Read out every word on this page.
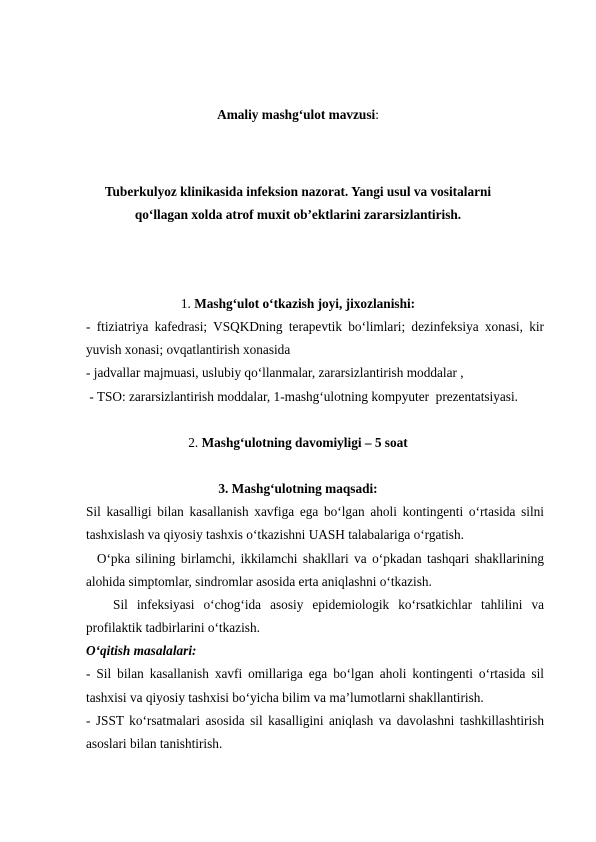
Amaliy mashg‘ulot mavzusi:
Tuberkulyoz klinikasida infeksion nazorat. Yangi usul va vositalarni
qo‘llagan xolda atrof muxit ob’ektlarini zararsizlantirish.
1. Mashg‘ulot o‘tkazish joyi, jixozlanishi:
- ftiziatriya kafedrasi; VSQKDning terapevtik bo‘limlari; dezinfeksiya xonasi, kir
yuvish xonasi; ovqatlantirish xonasida
- jadvallar majmuasi, uslubiy qo‘llanmalar, zararsizlantirish moddalar ,
- TSO: zararsizlantirish moddalar, 1-mashg‘ulotning kompyuter  prezentatsiyasi.
2. Mashg‘ulotning davomiyligi – 5 soat
3. Mashg‘ulotning maqsadi:
Sil kasalligi bilan kasallanish xavfiga ega bo‘lgan aholi kontingenti o‘rtasida silni
tashxislash va qiyosiy tashxis o‘tkazishni UASH talabalariga o‘rgatish.
O‘pka silining birlamchi, ikkilamchi shakllari va o‘pkadan tashqari shakllarining
alohida simptomlar, sindromlar asosida erta aniqlashni o‘tkazish.
Sil infeksiyasi o‘chog‘ida asosiy epidemiologik ko‘rsatkichlar tahlilini va
profilaktik tadbirlarini o‘tkazish.
O‘qitish masalalari:
- Sil bilan kasallanish xavfi omillariga ega bo‘lgan aholi kontingenti o‘rtasida sil
tashxisi va qiyosiy tashxisi bo‘yicha bilim va ma’lumotlarni shakllantirish.
- JSST ko‘rsatmalari asosida sil kasalligini aniqlash va davolashni tashkillashtirish
asoslari bilan tanishtirish.
